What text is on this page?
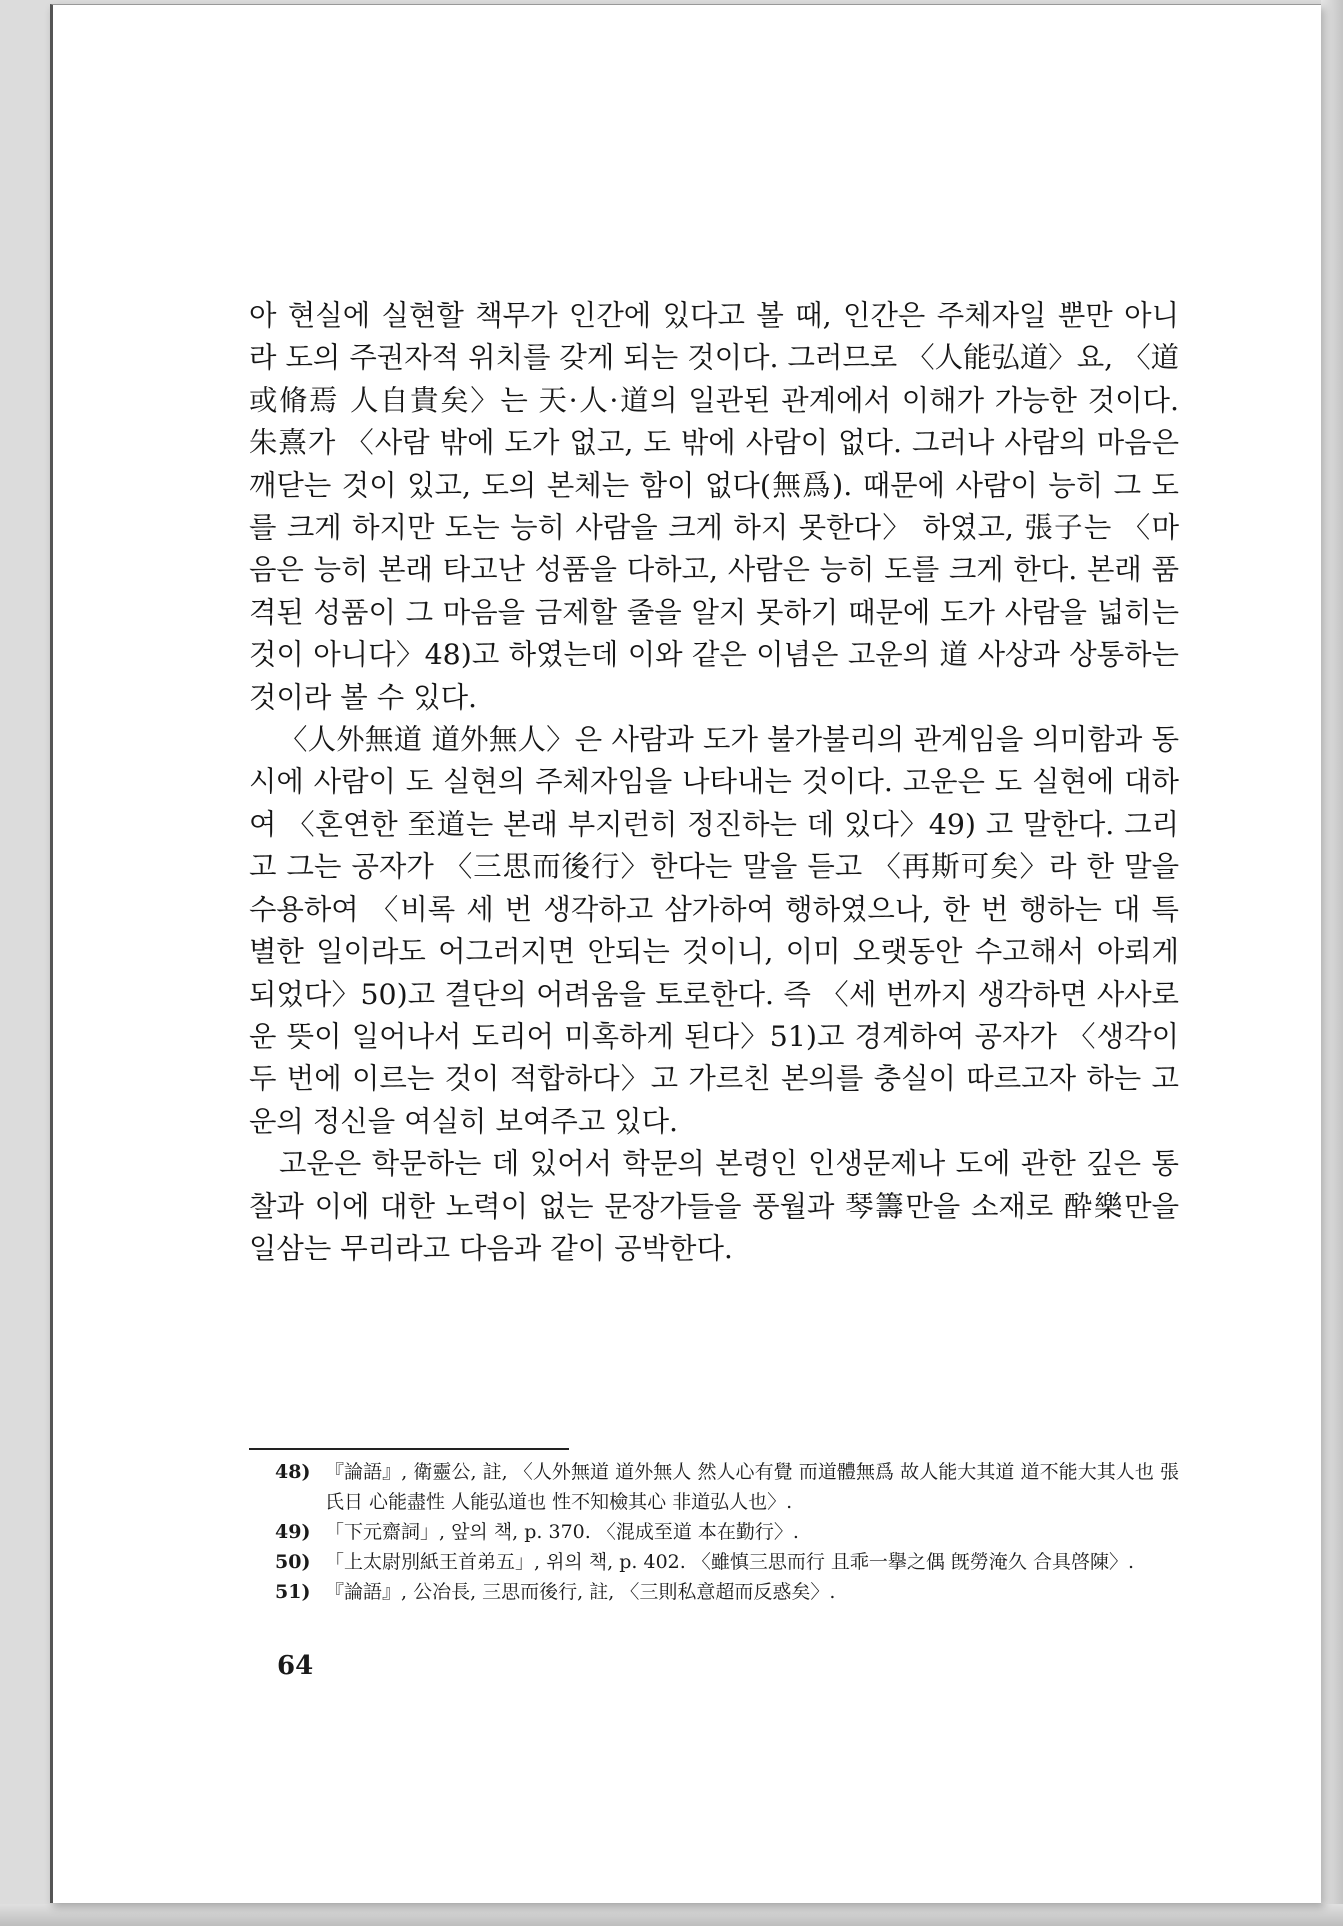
아 현실에 실현할 책무가 인간에 있다고 볼 때, 인간은 주체자일 뿐만 아니라 도의 주권자적 위치를 갖게 되는 것이다. 그러므로 〈人能弘道〉요, 〈道或脩焉 人自貴矣〉는 天·人·道의 일관된 관계에서 이해가 가능한 것이다. 朱熹가 〈사람 밖에 도가 없고, 도 밖에 사람이 없다. 그러나 사람의 마음은 깨닫는 것이 있고, 도의 본체는 함이 없다(無爲). 때문에 사람이 능히 그 도를 크게 하지만 도는 능히 사람을 크게 하지 못한다〉 하였고, 張子는 〈마음은 능히 본래 타고난 성품을 다하고, 사람은 능히 도를 크게 한다. 본래 품격된 성품이 그 마음을 금제할 줄을 알지 못하기 때문에 도가 사람을 넓히는 것이 아니다〉48)고 하였는데 이와 같은 이념은 고운의 道 사상과 상통하는 것이라 볼 수 있다.

〈人外無道 道外無人〉은 사람과 도가 불가불리의 관계임을 의미함과 동시에 사람이 도 실현의 주체자임을 나타내는 것이다. 고운은 도 실현에 대하여 〈혼연한 至道는 본래 부지런히 정진하는 데 있다〉49) 고 말한다. 그리고 그는 공자가 〈三思而後行〉한다는 말을 듣고 〈再斯可矣〉라 한 말을 수용하여 〈비록 세 번 생각하고 삼가하여 행하였으나, 한 번 행하는 대 특별한 일이라도 어그러지면 안되는 것이니, 이미 오랫동안 수고해서 아뢰게 되었다〉50)고 결단의 어려움을 토로한다. 즉 〈세 번까지 생각하면 사사로운 뜻이 일어나서 도리어 미혹하게 된다〉51)고 경계하여 공자가 〈생각이 두 번에 이르는 것이 적합하다〉고 가르친 본의를 충실이 따르고자 하는 고운의 정신을 여실히 보여주고 있다.

고운은 학문하는 데 있어서 학문의 본령인 인생문제나 도에 관한 깊은 통찰과 이에 대한 노력이 없는 문장가들을 풍월과 琴籌만을 소재로 酔樂만을 일삼는 무리라고 다음과 같이 공박한다.

48) 『論語』, 衛靈公, 註, 〈人外無道 道外無人 然人心有覺 而道體無爲 故人能大其道 道不能大其人也 張氏日 心能盡性 人能弘道也 性不知檢其心 非道弘人也〉.
49) 「下元齋詞」, 앞의 책, p. 370. 〈混成至道 本在勤行〉.
50) 「上太尉別紙王首弟五」, 위의 책, p. 402. 〈雖慎三思而行 且乖一擧之偶 旣勞淹久 合具啓陳〉.
51) 『論語』, 公冶長, 三思而後行, 註, 〈三則私意超而反惑矣〉.
64
